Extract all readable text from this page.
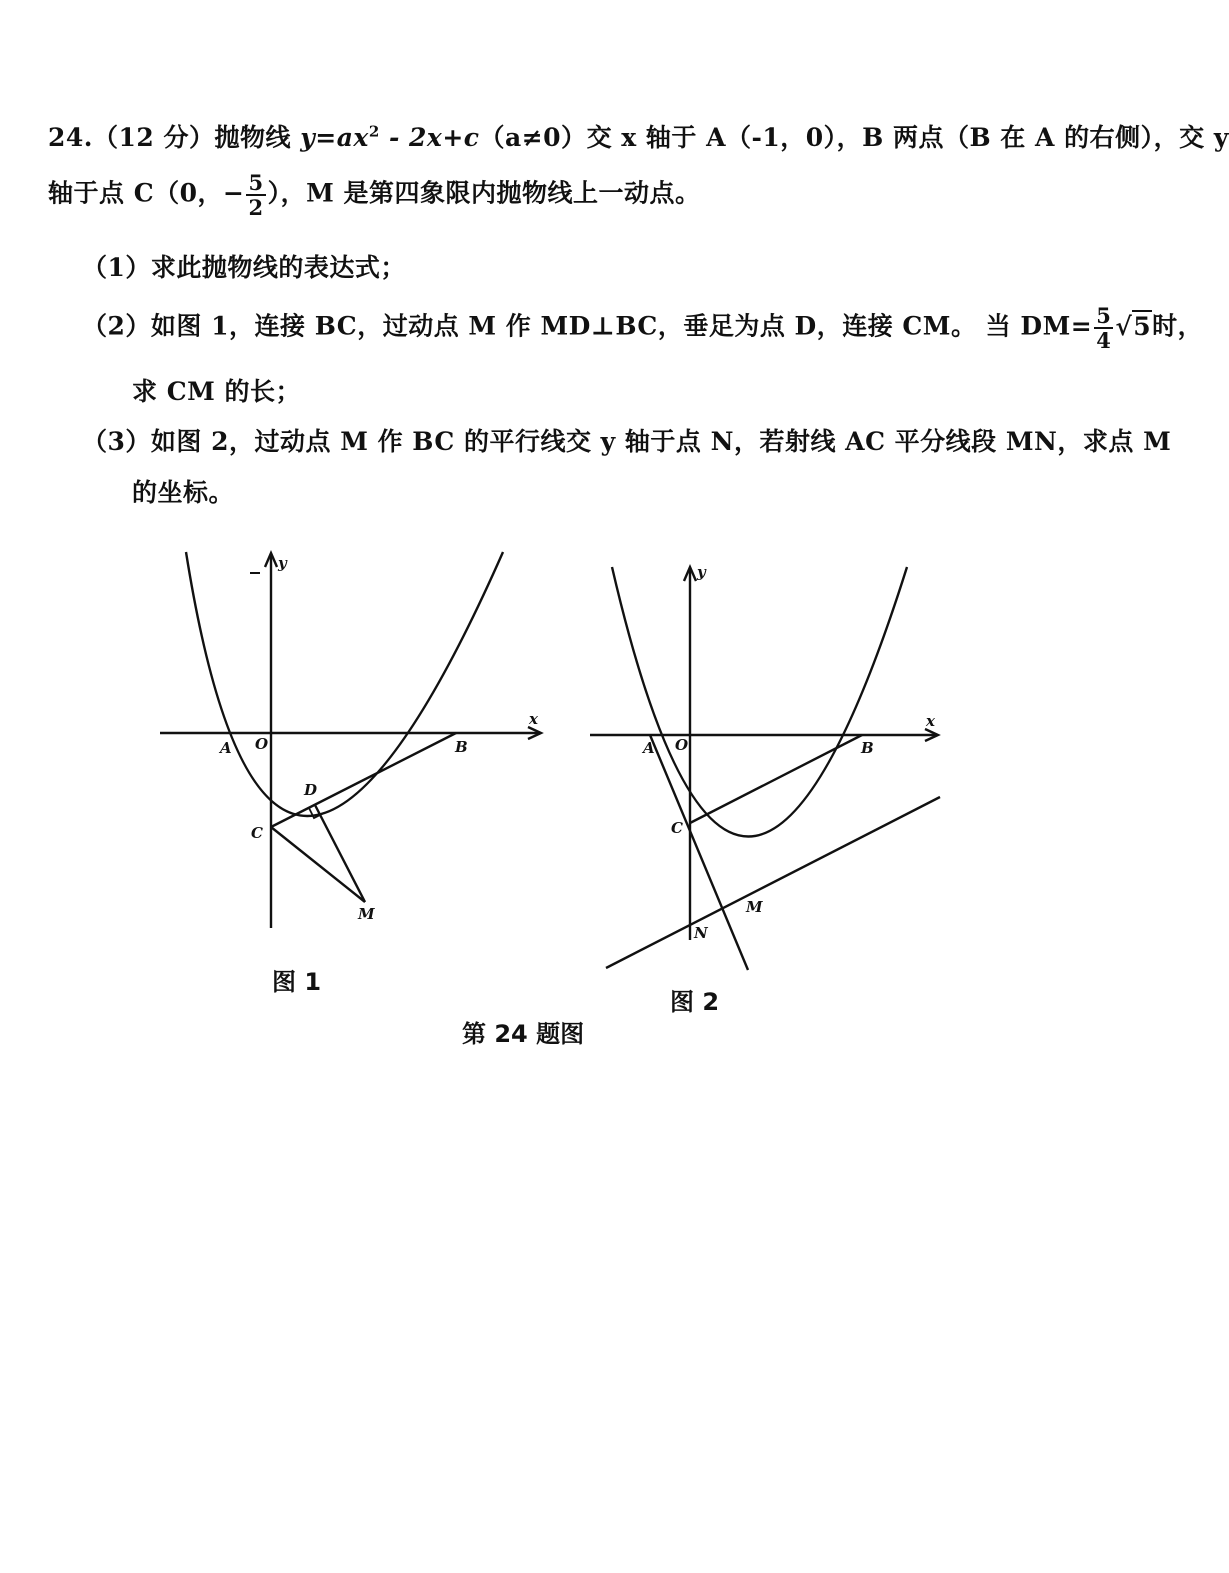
24.（12 分）抛物线 $y=ax^2 - 2x+c(a\ne 0)$交 x 轴于 A（-1，0），B 两点（B 在 A 的右侧），交 y
轴于点 C（0，− $\frac{5}{2}$ ），M 是第四象限内抛物线上一动点。
（1）求此抛物线的表达式；
（2）如图 1，连接 BC，过动点 M 作 MD⊥BC，垂足为点 D，连接 CM。 当 $DM= \frac{5}{4} √5$时，
求 CM 的长；
（3）如图 2，过动点 M 作 BC 的平行线交 y 轴于点 N，若射线 AC 平分线段 MN，求点 M
的坐标。
x
y
A O	B
C
D
M
图 1
x
y
A O	B
C
M
N
图 2
第 24 题图
